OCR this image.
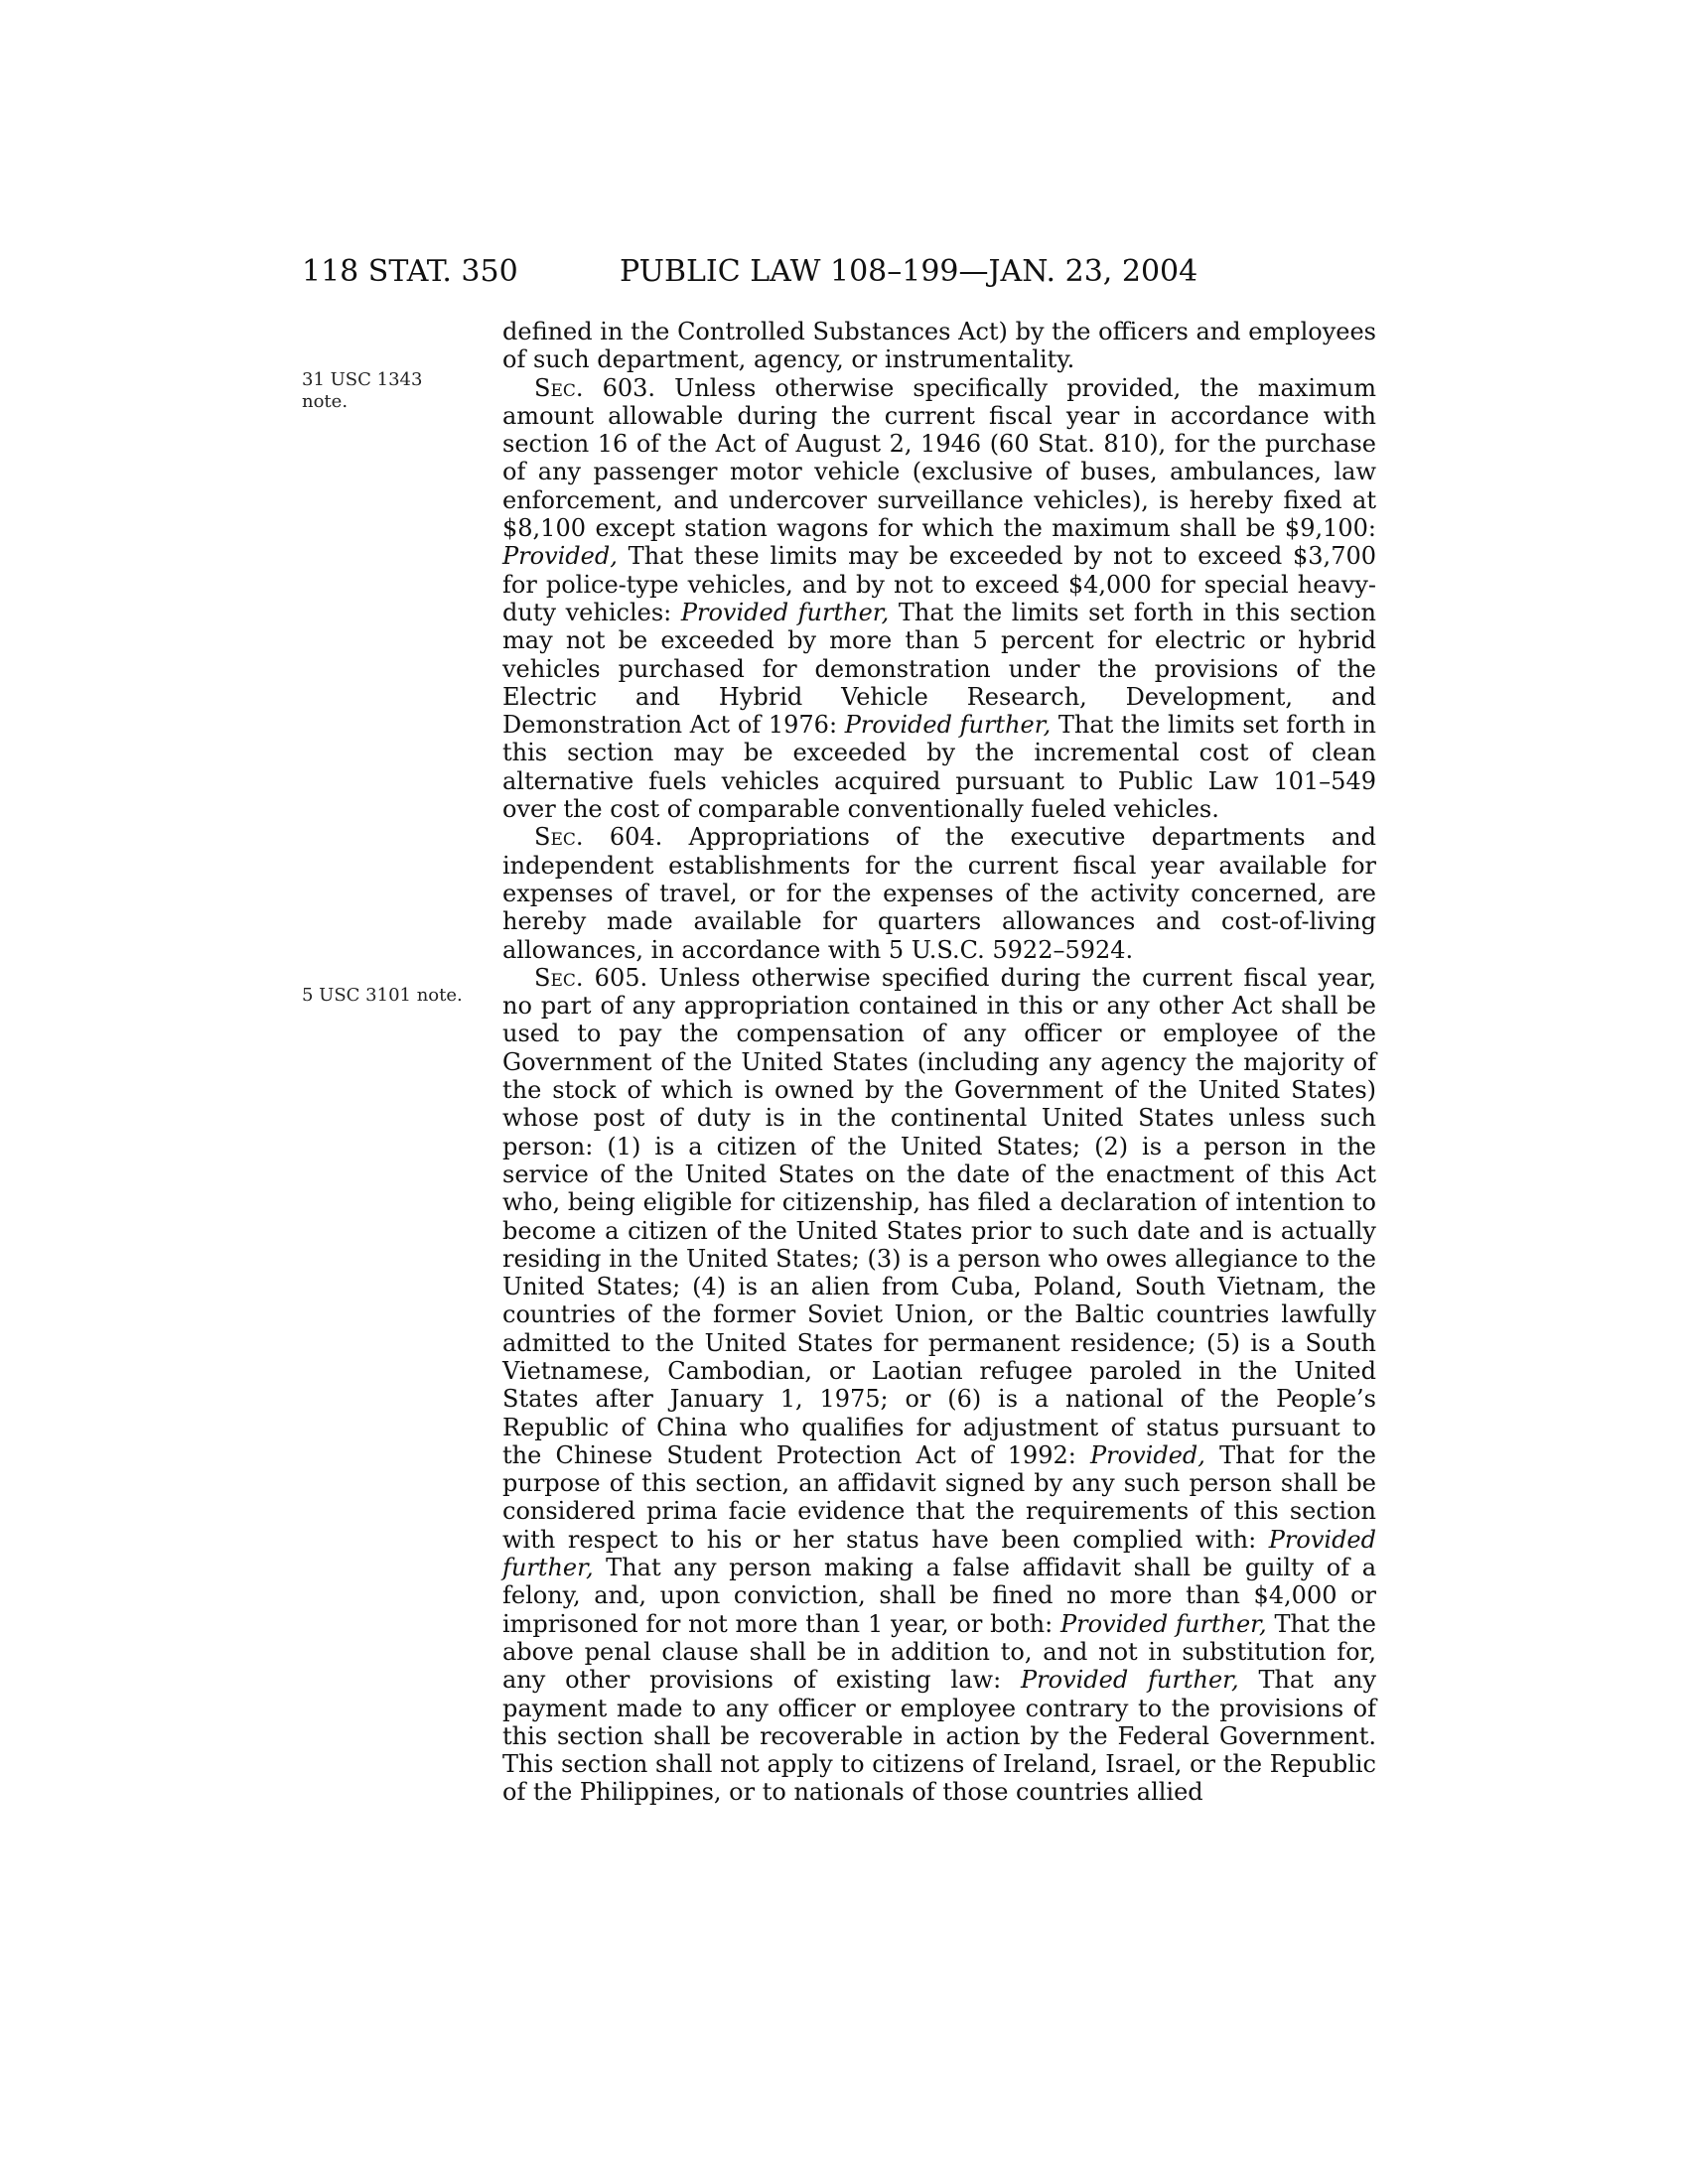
118 STAT. 350	PUBLIC LAW 108–199—JAN. 23, 2004
31 USC 1343
note.
5 USC 3101 note.

defined in the Controlled Substances Act) by the officers and employees of such department, agency, or instrumentality.

Sec. 603. Unless otherwise specifically provided, the maximum amount allowable during the current fiscal year in accordance with section 16 of the Act of August 2, 1946 (60 Stat. 810), for the purchase of any passenger motor vehicle (exclusive of buses, ambulances, law enforcement, and undercover surveillance vehicles), is hereby fixed at $8,100 except station wagons for which the maximum shall be $9,100: Provided, That these limits may be exceeded by not to exceed $3,700 for police-type vehicles, and by not to exceed $4,000 for special heavy-duty vehicles: Provided further, That the limits set forth in this section may not be exceeded by more than 5 percent for electric or hybrid vehicles purchased for demonstration under the provisions of the Electric and Hybrid Vehicle Research, Development, and Demonstration Act of 1976: Provided further, That the limits set forth in this section may be exceeded by the incremental cost of clean alternative fuels vehicles acquired pursuant to Public Law 101–549 over the cost of comparable conventionally fueled vehicles.

Sec. 604. Appropriations of the executive departments and independent establishments for the current fiscal year available for expenses of travel, or for the expenses of the activity concerned, are hereby made available for quarters allowances and cost-of-living allowances, in accordance with 5 U.S.C. 5922–5924.

Sec. 605. Unless otherwise specified during the current fiscal year, no part of any appropriation contained in this or any other Act shall be used to pay the compensation of any officer or employee of the Government of the United States (including any agency the majority of the stock of which is owned by the Government of the United States) whose post of duty is in the continental United States unless such person: (1) is a citizen of the United States; (2) is a person in the service of the United States on the date of the enactment of this Act who, being eligible for citizenship, has filed a declaration of intention to become a citizen of the United States prior to such date and is actually residing in the United States; (3) is a person who owes allegiance to the United States; (4) is an alien from Cuba, Poland, South Vietnam, the countries of the former Soviet Union, or the Baltic countries lawfully admitted to the United States for permanent residence; (5) is a South Vietnamese, Cambodian, or Laotian refugee paroled in the United States after January 1, 1975; or (6) is a national of the People’s Republic of China who qualifies for adjustment of status pursuant to the Chinese Student Protection Act of 1992: Provided, That for the purpose of this section, an affidavit signed by any such person shall be considered prima facie evidence that the requirements of this section with respect to his or her status have been complied with: Provided further, That any person making a false affidavit shall be guilty of a felony, and, upon conviction, shall be fined no more than $4,000 or imprisoned for not more than 1 year, or both: Provided further, That the above penal clause shall be in addition to, and not in substitution for, any other provisions of existing law: Provided further, That any payment made to any officer or employee contrary to the provisions of this section shall be recoverable in action by the Federal Government. This section shall not apply to citizens of Ireland, Israel, or the Republic of the Philippines, or to nationals of those countries allied
